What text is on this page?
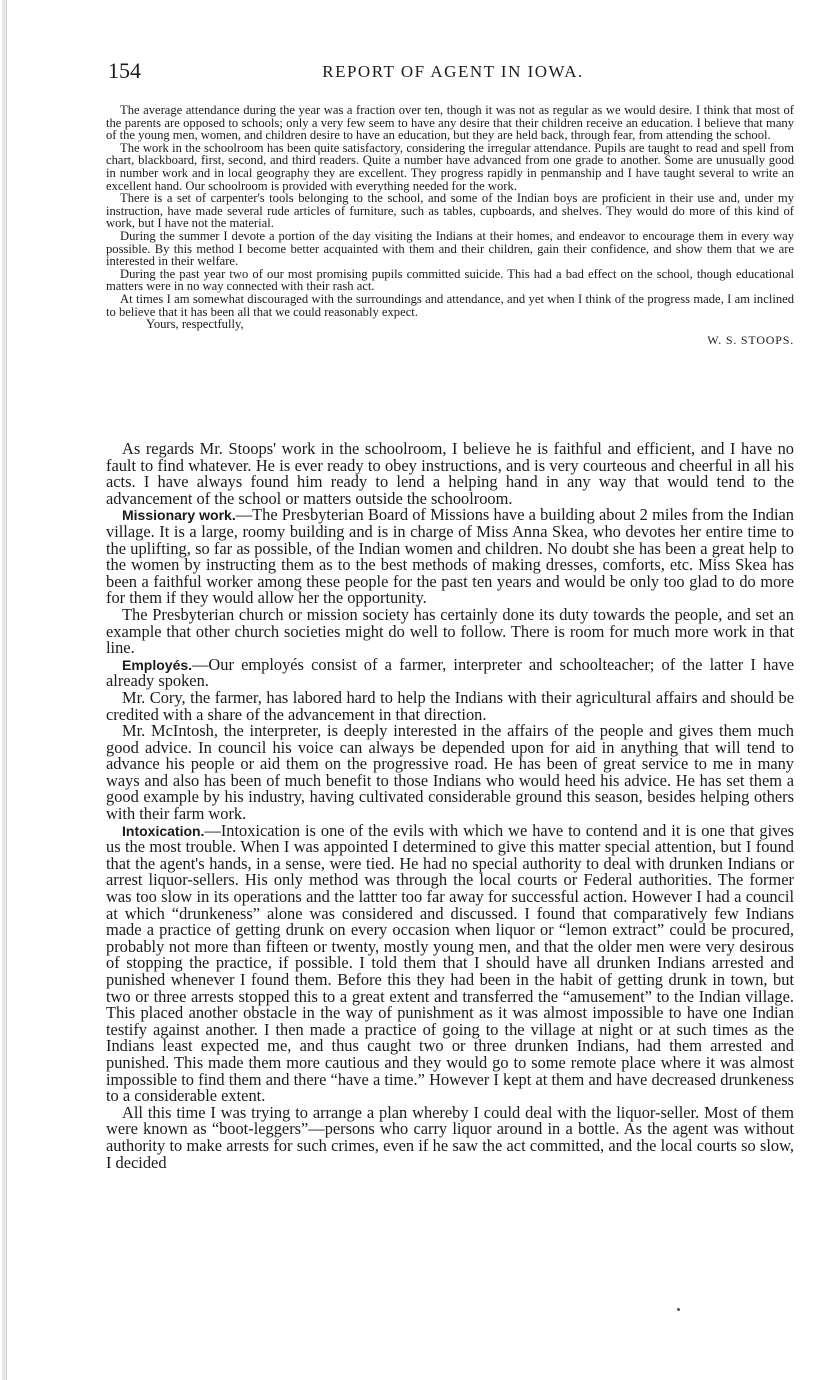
154	REPORT OF AGENT IN IOWA.

The average attendance during the year was a fraction over ten, though it was not as regular as we would desire. I think that most of the parents are opposed to schools; only a very few seem to have any desire that their children receive an education. I believe that many of the young men, women, and children desire to have an education, but they are held back, through fear, from attending the school.

The work in the schoolroom has been quite satisfactory, considering the irregular attendance. Pupils are taught to read and spell from chart, blackboard, first, second, and third readers. Quite a number have advanced from one grade to another. Some are unusually good in number work and in local geography they are excellent. They progress rapidly in penmanship and I have taught several to write an excellent hand. Our schoolroom is provided with everything needed for the work.

There is a set of carpenter's tools belonging to the school, and some of the Indian boys are proficient in their use and, under my instruction, have made several rude articles of furniture, such as tables, cupboards, and shelves. They would do more of this kind of work, but I have not the material.

During the summer I devote a portion of the day visiting the Indians at their homes, and endeavor to encourage them in every way possible. By this method I become better acquainted with them and their children, gain their confidence, and show them that we are interested in their welfare.

During the past year two of our most promising pupils committed suicide. This had a bad effect on the school, though educational matters were in no way connected with their rash act.

At times I am somewhat discouraged with the surroundings and attendance, and yet when I think of the progress made, I am inclined to believe that it has been all that we could reasonably expect.

Yours, respectfully,

W. S. STOOPS.

As regards Mr. Stoops' work in the schoolroom, I believe he is faithful and efficient, and I have no fault to find whatever. He is ever ready to obey instructions, and is very courteous and cheerful in all his acts. I have always found him ready to lend a helping hand in any way that would tend to the advancement of the school or matters outside the schoolroom.

Missionary work.—The Presbyterian Board of Missions have a building about 2 miles from the Indian village. It is a large, roomy building and is in charge of Miss Anna Skea, who devotes her entire time to the uplifting, so far as possible, of the Indian women and children. No doubt she has been a great help to the women by instructing them as to the best methods of making dresses, comforts, etc. Miss Skea has been a faithful worker among these people for the past ten years and would be only too glad to do more for them if they would allow her the opportunity.

The Presbyterian church or mission society has certainly done its duty towards the people, and set an example that other church societies might do well to follow. There is room for much more work in that line.

Employés.—Our employés consist of a farmer, interpreter and schoolteacher; of the latter I have already spoken.

Mr. Cory, the farmer, has labored hard to help the Indians with their agricultural affairs and should be credited with a share of the advancement in that direction.

Mr. McIntosh, the interpreter, is deeply interested in the affairs of the people and gives them much good advice. In council his voice can always be depended upon for aid in anything that will tend to advance his people or aid them on the progressive road. He has been of great service to me in many ways and also has been of much benefit to those Indians who would heed his advice. He has set them a good example by his industry, having cultivated considerable ground this season, besides helping others with their farm work.

Intoxication.—Intoxication is one of the evils with which we have to contend and it is one that gives us the most trouble. When I was appointed I determined to give this matter special attention, but I found that the agent's hands, in a sense, were tied. He had no special authority to deal with drunken Indians or arrest liquor-sellers. His only method was through the local courts or Federal authorities. The former was too slow in its operations and the lattter too far away for successful action. However I had a council at which “drunkeness” alone was considered and discussed. I found that comparatively few Indians made a practice of getting drunk on every occasion when liquor or “lemon extract” could be procured, probably not more than fifteen or twenty, mostly young men, and that the older men were very desirous of stopping the practice, if possible. I told them that I should have all drunken Indians arrested and punished whenever I found them. Before this they had been in the habit of getting drunk in town, but two or three arrests stopped this to a great extent and transferred the “amusement” to the Indian village. This placed another obstacle in the way of punishment as it was almost impossible to have one Indian testify against another. I then made a practice of going to the village at night or at such times as the Indians least expected me, and thus caught two or three drunken Indians, had them arrested and punished. This made them more cautious and they would go to some remote place where it was almost impossible to find them and there “have a time.” However I kept at them and have decreased drunkeness to a considerable extent.

All this time I was trying to arrange a plan whereby I could deal with the liquor-seller. Most of them were known as “boot-leggers”—persons who carry liquor around in a bottle. As the agent was without authority to make arrests for such crimes, even if he saw the act committed, and the local courts so slow, I decided
